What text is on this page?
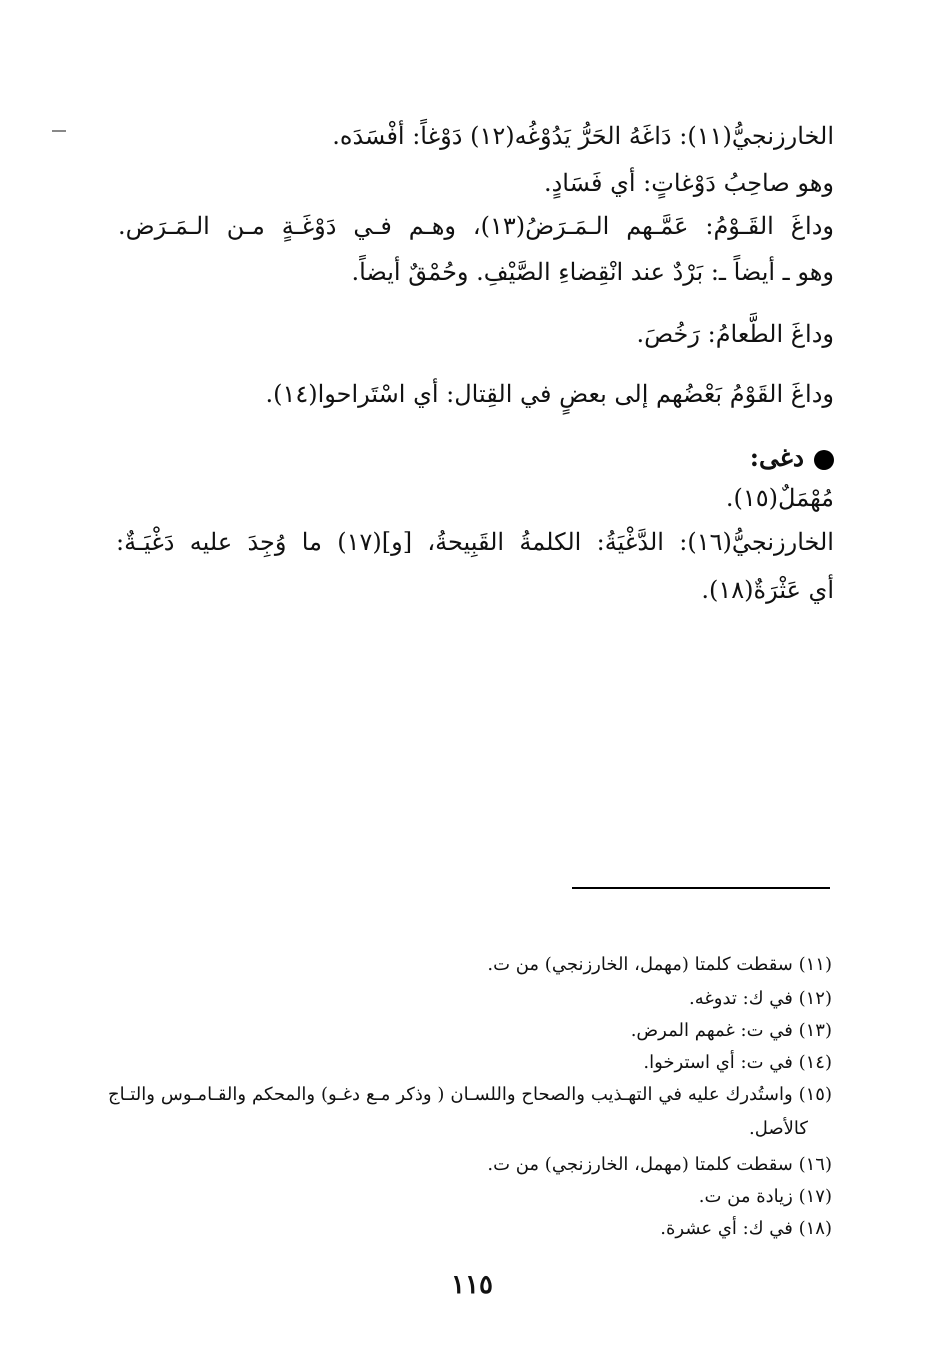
الخارزنجيُّ(١١): دَاغَهُ الحَرُّ يَدُوْغُه(١٢) دَوْغاً: أفْسَدَه.
وهو صاحِبُ دَوْغاتٍ: أي فَسَادٍ.
وداغَ القَـوْمُ: عَمَّـهم الـمَـرَضُ(١٣)، وهـم فـي دَوْغَـةٍ مـن الـمَـرَض.
وهو ـ أيضاً ـ: بَرْدٌ عند انْقِضاءِ الصَّيْفِ. وحُمْقٌ أيضاً.
وداغَ الطَّعامُ: رَخُصَ.
وداغَ القَوْمُ بَعْضُهم إلى بعضٍ في القِتال: أي اسْتَراحوا(١٤).
دغى:
مُهْمَلٌ(١٥).
الخارزنجيُّ(١٦): الدَّغْيَةُ: الكلمةُ القَبِيحةُ، [و](١٧) ما وُجِدَ عليه دَغْيَـةٌ:
أي عَثْرَةٌ(١٨).
(١١) سقطت كلمتا (مهمل، الخارزنجي) من ت.
(١٢) في ك: تدوغه.
(١٣) في ت: غمهم المرض.
(١٤) في ت: أي استرخوا.
(١٥) واستُدرك عليه في التهـذيب والصحاح واللسـان ( وذكر مـع دغـو) والمحكم والقـامـوس والتـاج
كالأصل.
(١٦) سقطت كلمتا (مهمل، الخارزنجي) من ت.
(١٧) زيادة من ت.
(١٨) في ك: أي عشرة.
١١٥
